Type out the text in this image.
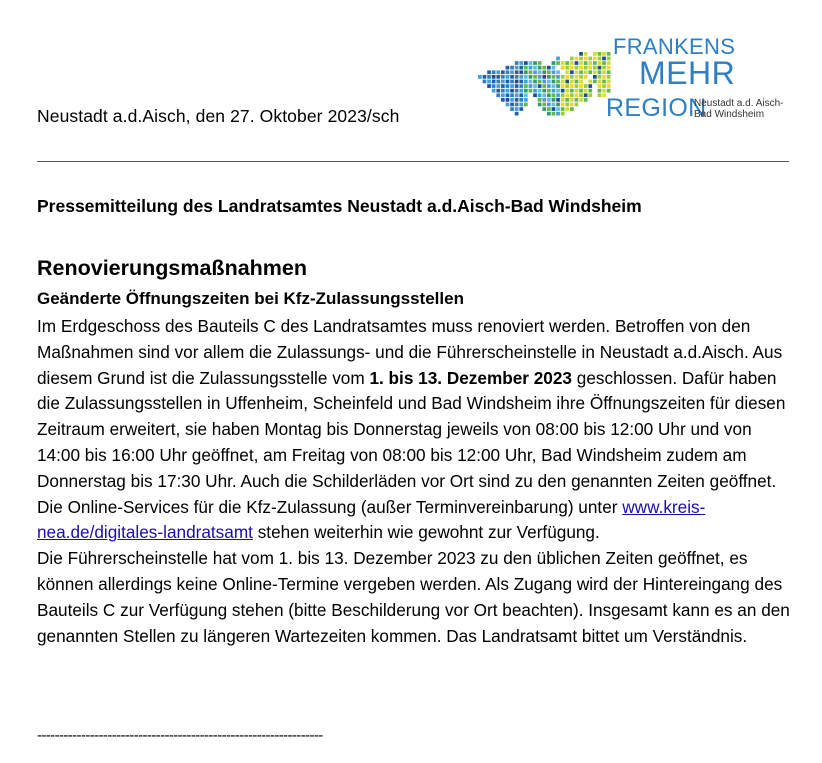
Neustadt a.d.Aisch, den 27. Oktober 2023/sch
FRANKENS
MEHR
REGION
Neustadt a.d. Aisch-
Bad Windsheim
Pressemitteilung des Landratsamtes Neustadt a.d.Aisch-Bad Windsheim
Renovierungsmaßnahmen
Geänderte Öffnungszeiten bei Kfz-Zulassungsstellen

Im Erdgeschoss des Bauteils C des Landratsamtes muss renoviert werden. Betroffen von den Maßnahmen sind vor allem die Zulassungs- und die Führerscheinstelle in Neustadt a.d.Aisch. Aus diesem Grund ist die Zulassungsstelle vom 1. bis 13. Dezember 2023 geschlossen. Dafür haben die Zulassungsstellen in Uffenheim, Scheinfeld und Bad Windsheim ihre Öffnungszeiten für diesen Zeitraum erweitert, sie haben Montag bis Donnerstag jeweils von 08:00 bis 12:00 Uhr und von 14:00 bis 16:00 Uhr geöffnet, am Freitag von 08:00 bis 12:00 Uhr, Bad Windsheim zudem am Donnerstag bis 17:30 Uhr. Auch die Schilderläden vor Ort sind zu den genannten Zeiten geöffnet. Die Online-Services für die Kfz-Zulassung (außer Terminvereinbarung) unter www.kreis-nea.de/digitales-landratsamt stehen weiterhin wie gewohnt zur Verfügung.

Die Führerscheinstelle hat vom 1. bis 13. Dezember 2023 zu den üblichen Zeiten geöffnet, es können allerdings keine Online-Termine vergeben werden. Als Zugang wird der Hintereingang des Bauteils C zur Verfügung stehen (bitte Beschilderung vor Ort beachten). Insgesamt kann es an den genannten Stellen zu längeren Wartezeiten kommen. Das Landratsamt bittet um Verständnis.

-----------------------------------------------------------------
